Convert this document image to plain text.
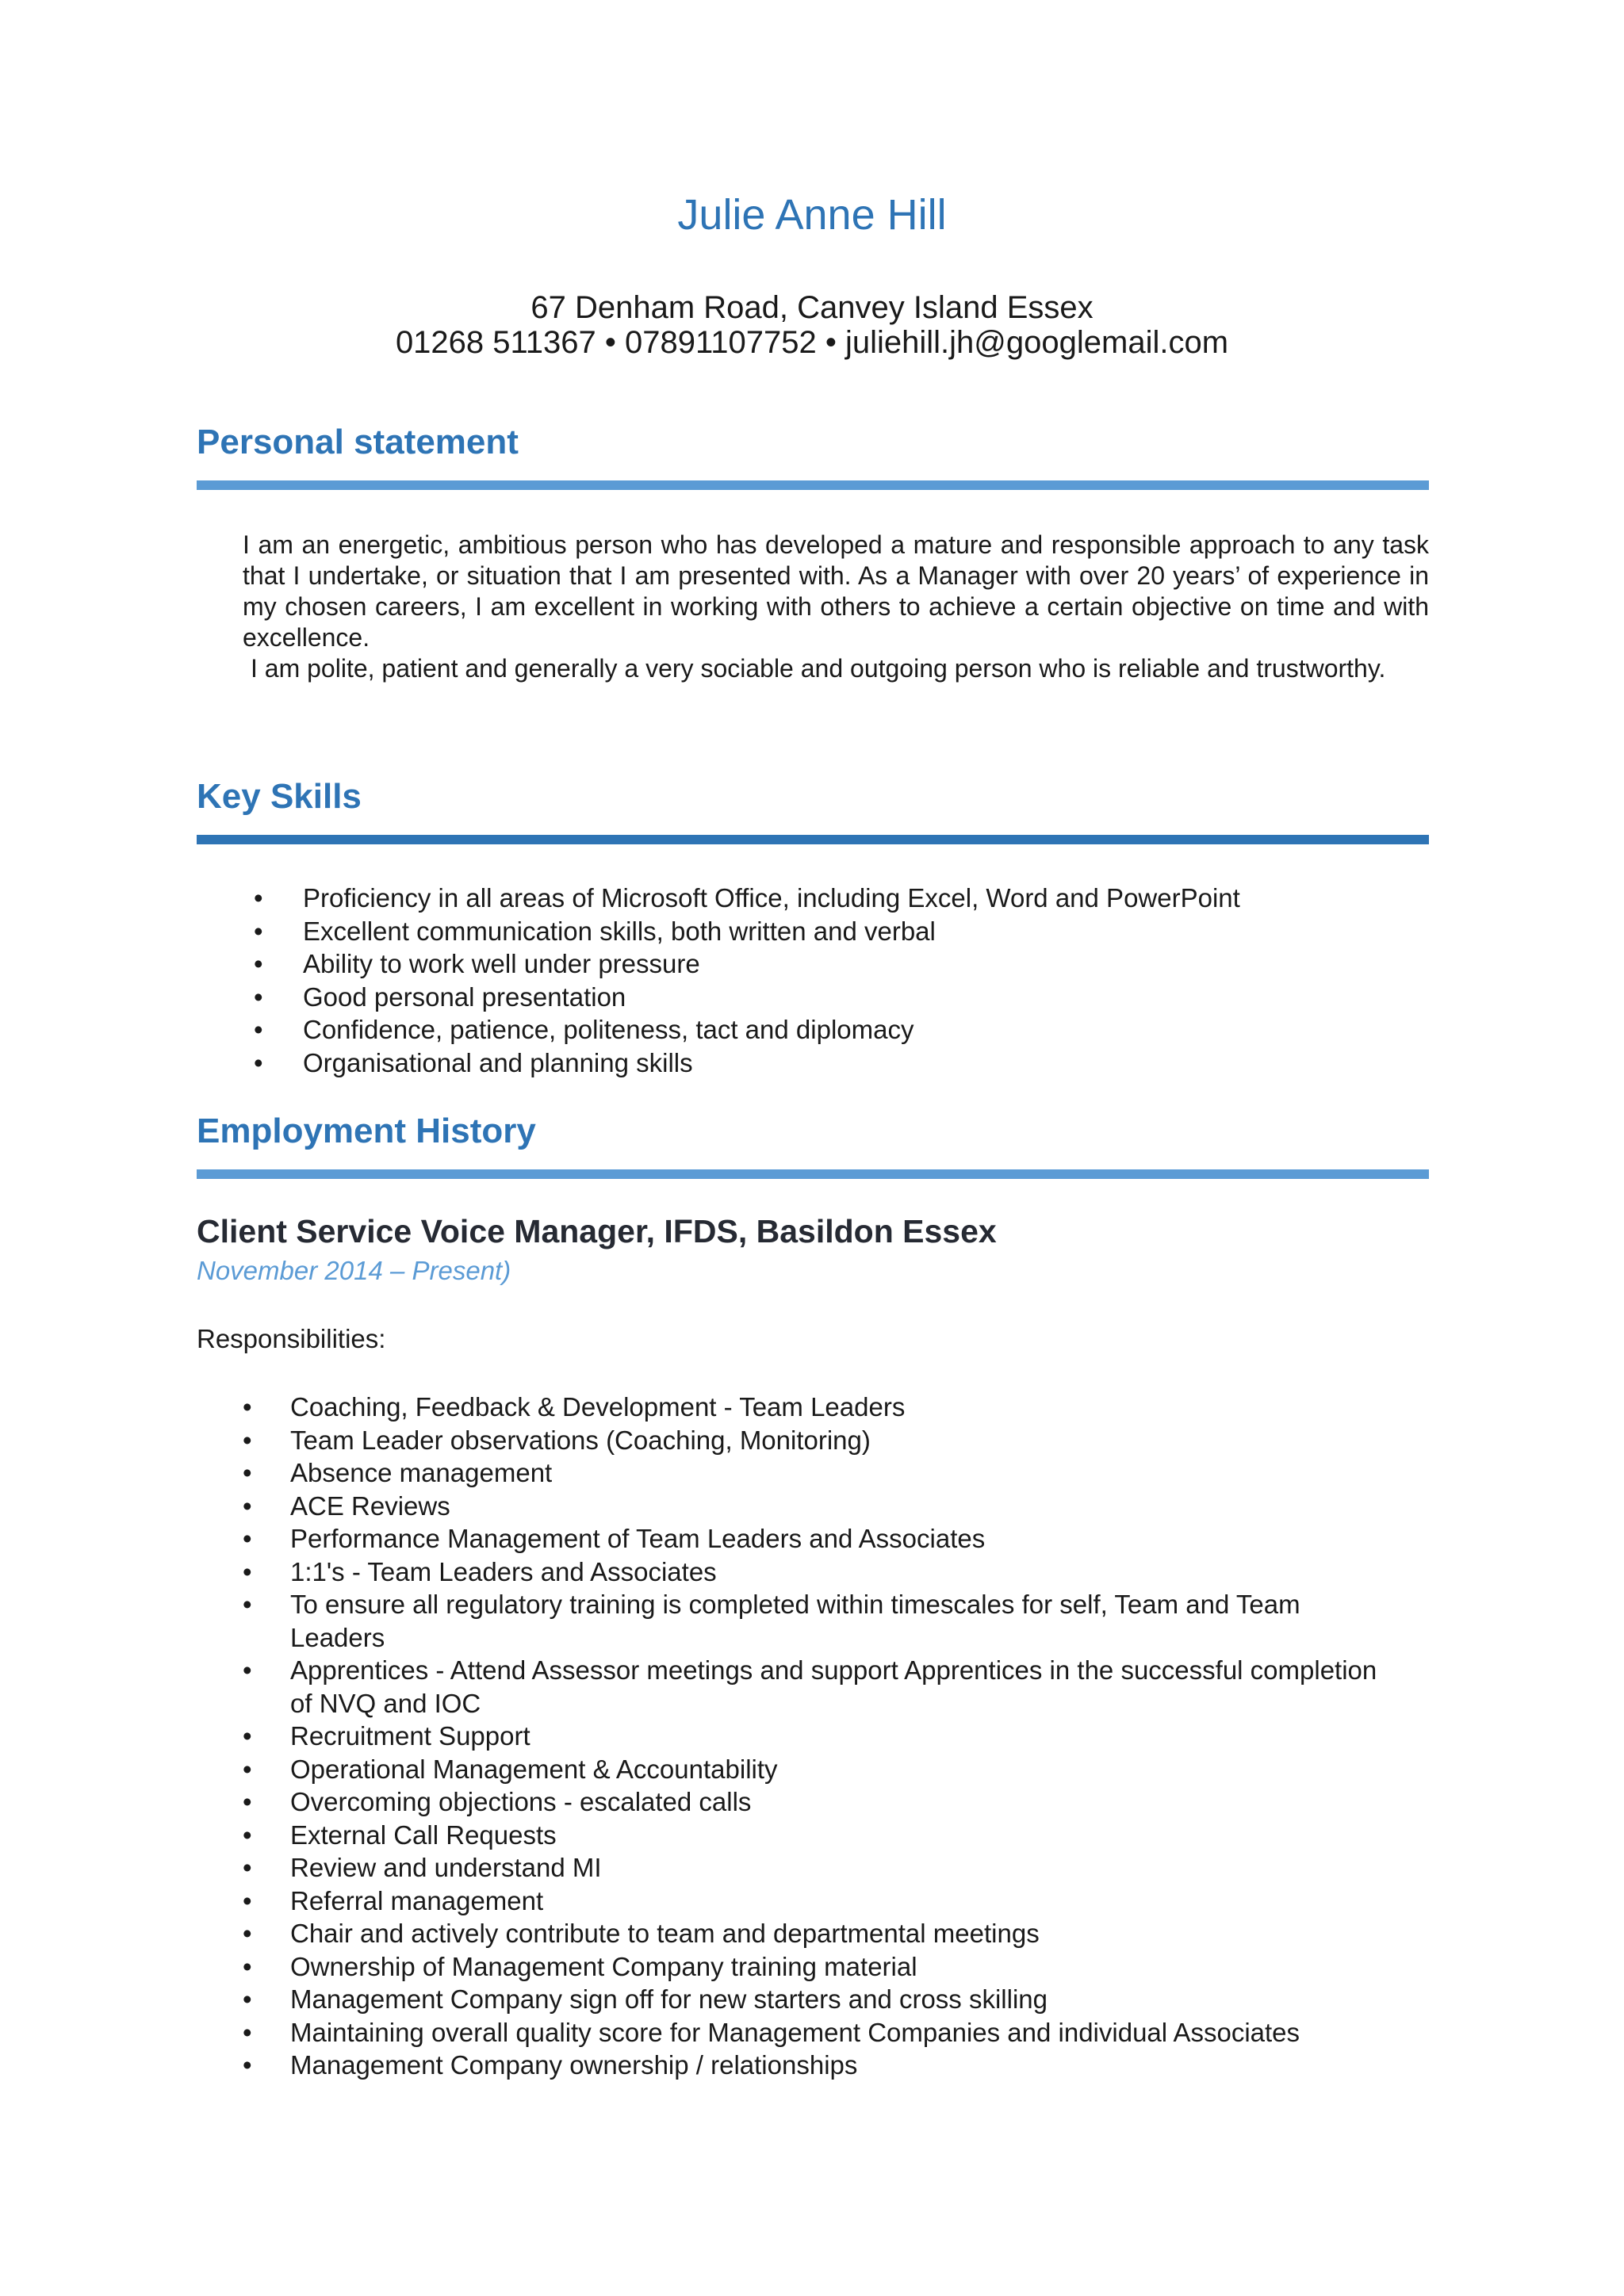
Julie Anne Hill
67 Denham Road, Canvey Island Essex
01268 511367 • 07891107752 • juliehill.jh@googlemail.com
Personal statement

I am an energetic, ambitious person who has developed a mature and responsible approach to any task that I undertake, or situation that I am presented with. As a Manager with over 20 years’ of experience in my chosen careers, I am excellent in working with others to achieve a certain objective on time and with excellence.

I am polite, patient and generally a very sociable and outgoing person who is reliable and trustworthy.

Key Skills
• Proficiency in all areas of Microsoft Office, including Excel, Word and PowerPoint
• Excellent communication skills, both written and verbal
• Ability to work well under pressure
• Good personal presentation
• Confidence, patience, politeness, tact and diplomacy
• Organisational and planning skills
Employment History
Client Service Voice Manager, IFDS, Basildon Essex
November 2014 – Present)
Responsibilities:
• Coaching, Feedback & Development - Team Leaders
• Team Leader observations (Coaching, Monitoring)
• Absence management
• ACE Reviews
• Performance Management of Team Leaders and Associates
• 1:1's - Team Leaders and Associates
• To ensure all regulatory training is completed within timescales for self, Team and Team Leaders
• Apprentices - Attend Assessor meetings and support Apprentices in the successful completion of NVQ and IOC
• Recruitment Support
• Operational Management & Accountability
• Overcoming objections - escalated calls
• External Call Requests
• Review and understand MI
• Referral management
• Chair and actively contribute to team and departmental meetings
• Ownership of Management Company training material
• Management Company sign off for new starters and cross skilling
• Maintaining overall quality score for Management Companies and individual Associates
• Management Company ownership / relationships
